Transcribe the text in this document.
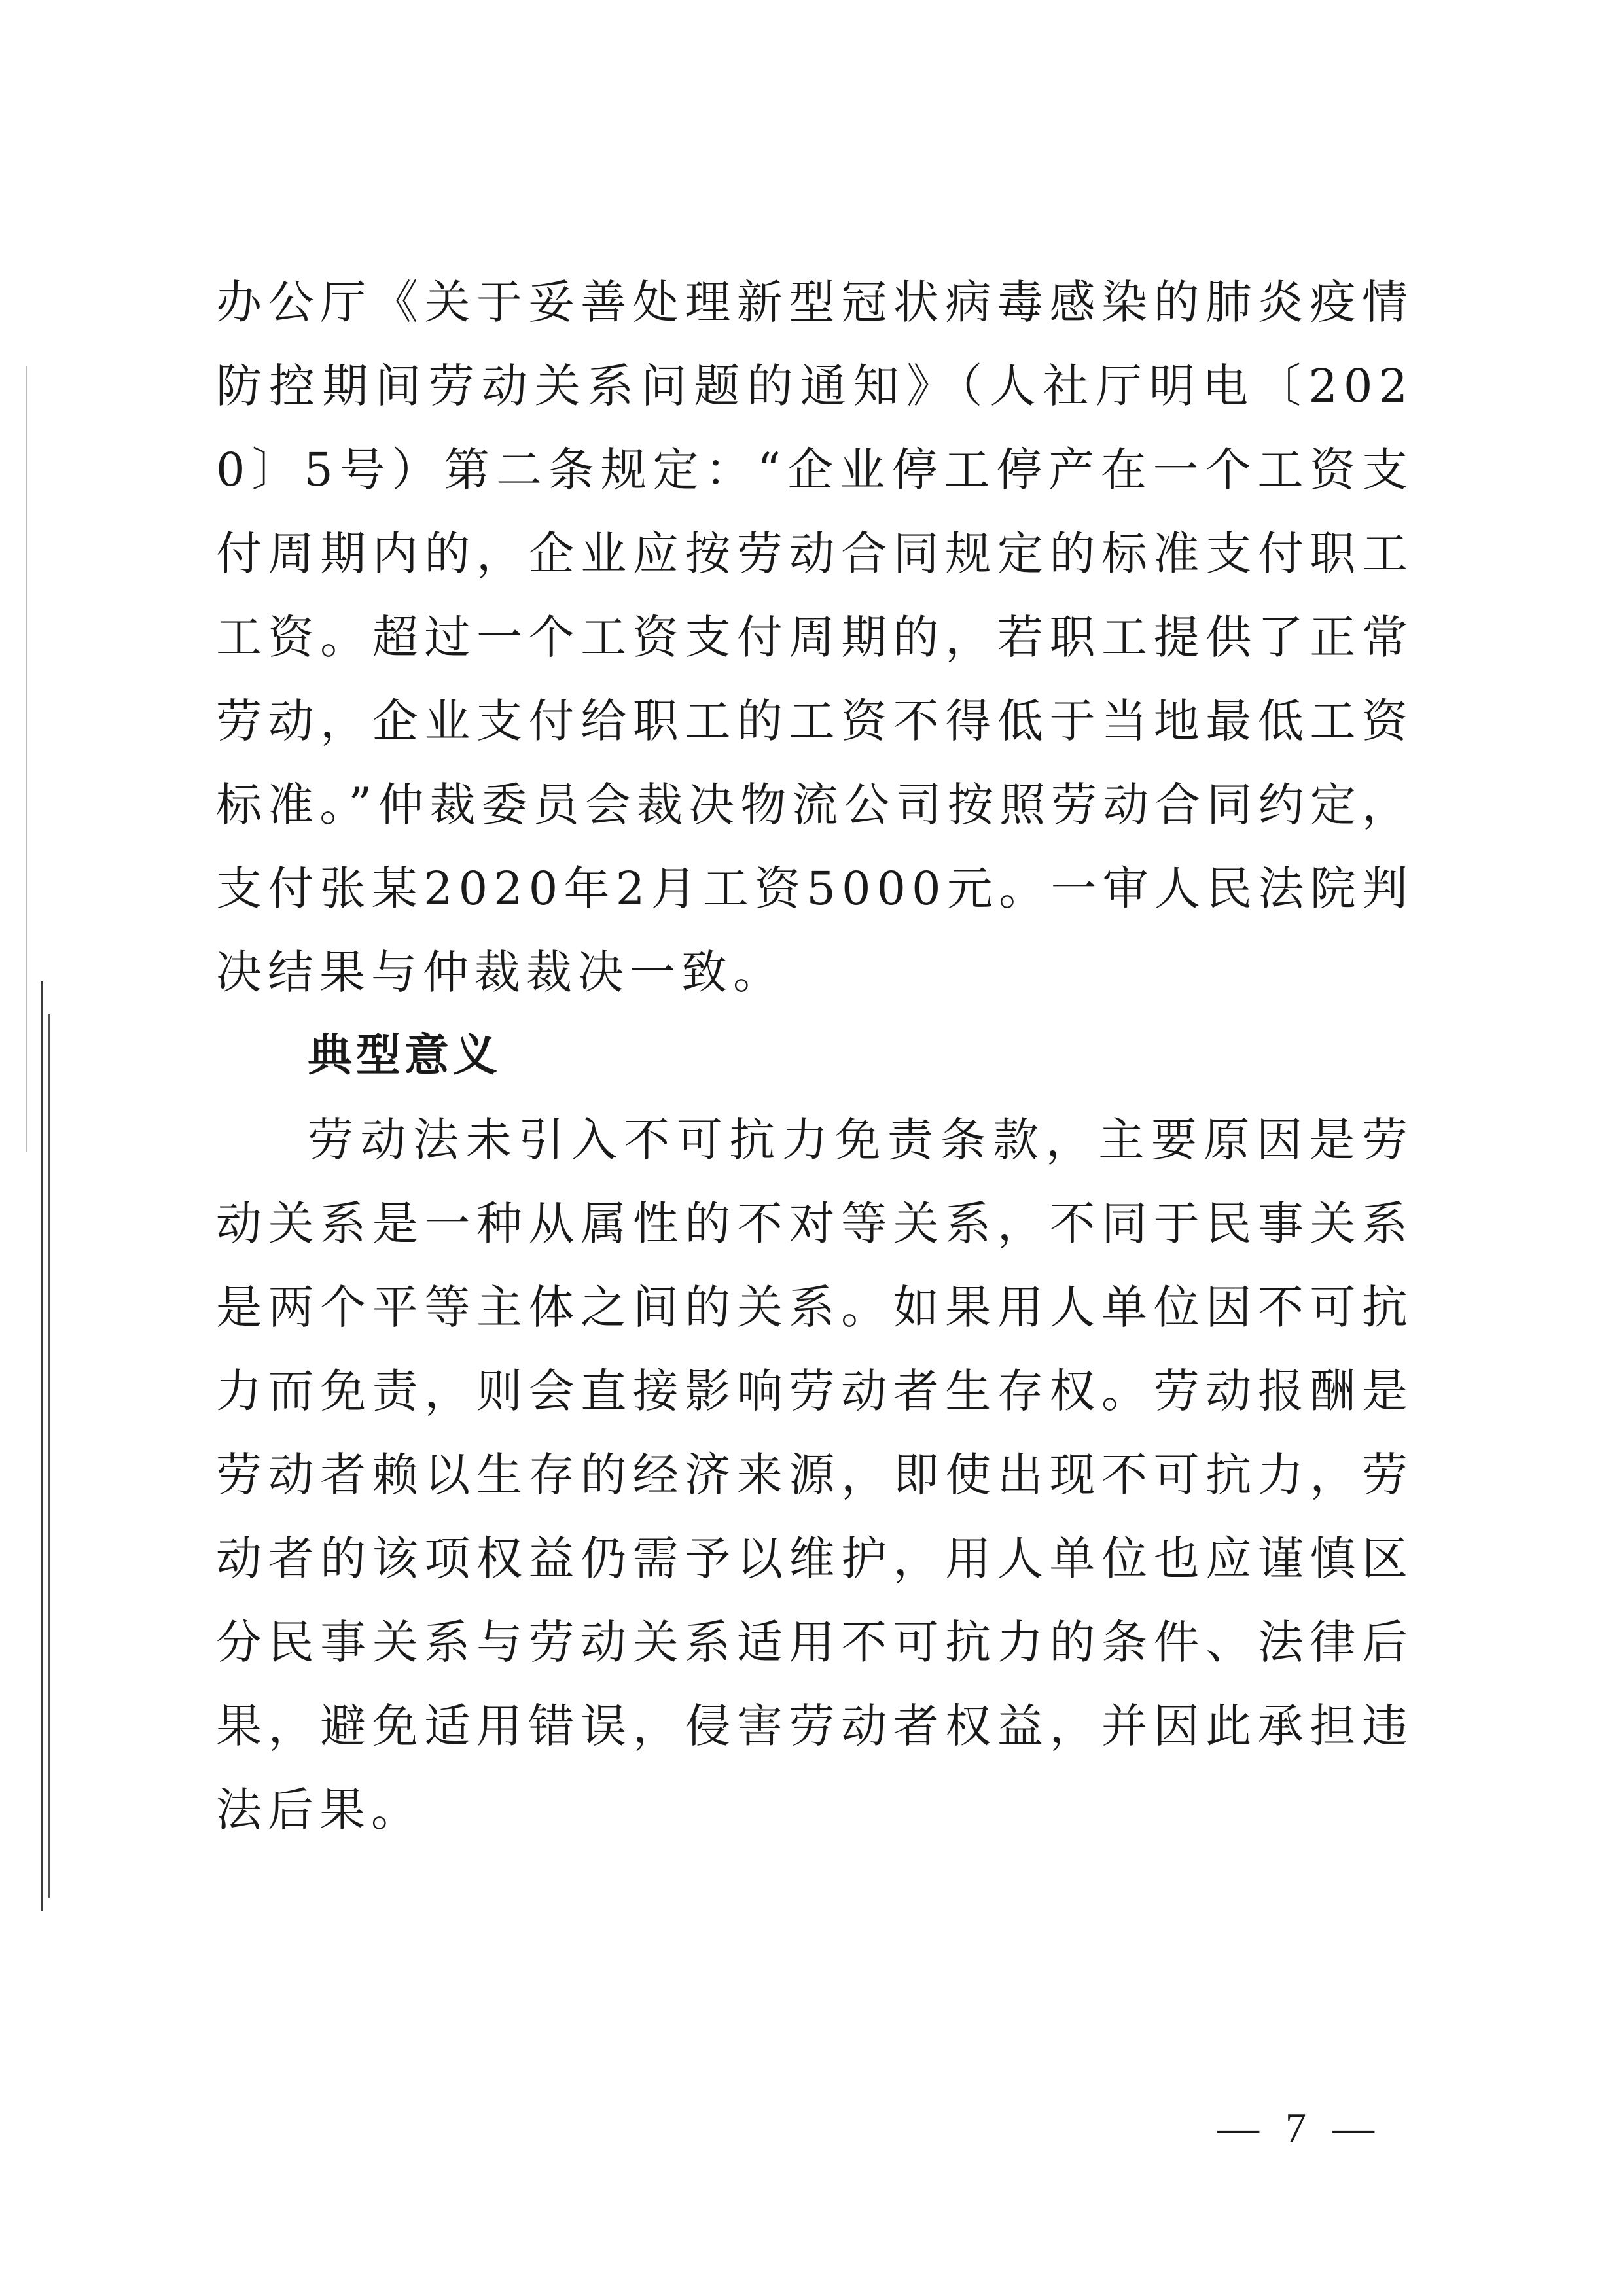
办公厅《关于妥善处理新型冠状病毒感染的肺炎疫情防控期间劳动关系问题的通知》（人社厅明电〔2020〕5号）第二条规定：“企业停工停产在一个工资支付周期内的，企业应按劳动合同规定的标准支付职工工资。超过一个工资支付周期的，若职工提供了正常劳动，企业支付给职工的工资不得低于当地最低工资标准。”仲裁委员会裁决物流公司按照劳动合同约定，支付张某2020年2月工资5000元。一审人民法院判决结果与仲裁裁决一致。

典型意义

劳动法未引入不可抗力免责条款，主要原因是劳动关系是一种从属性的不对等关系，不同于民事关系是两个平等主体之间的关系。如果用人单位因不可抗力而免责，则会直接影响劳动者生存权。劳动报酬是劳动者赖以生存的经济来源，即使出现不可抗力，劳动者的该项权益仍需予以维护，用人单位也应谨慎区分民事关系与劳动关系适用不可抗力的条件、法律后果，避免适用错误，侵害劳动者权益，并因此承担违法后果。

— 7 —
